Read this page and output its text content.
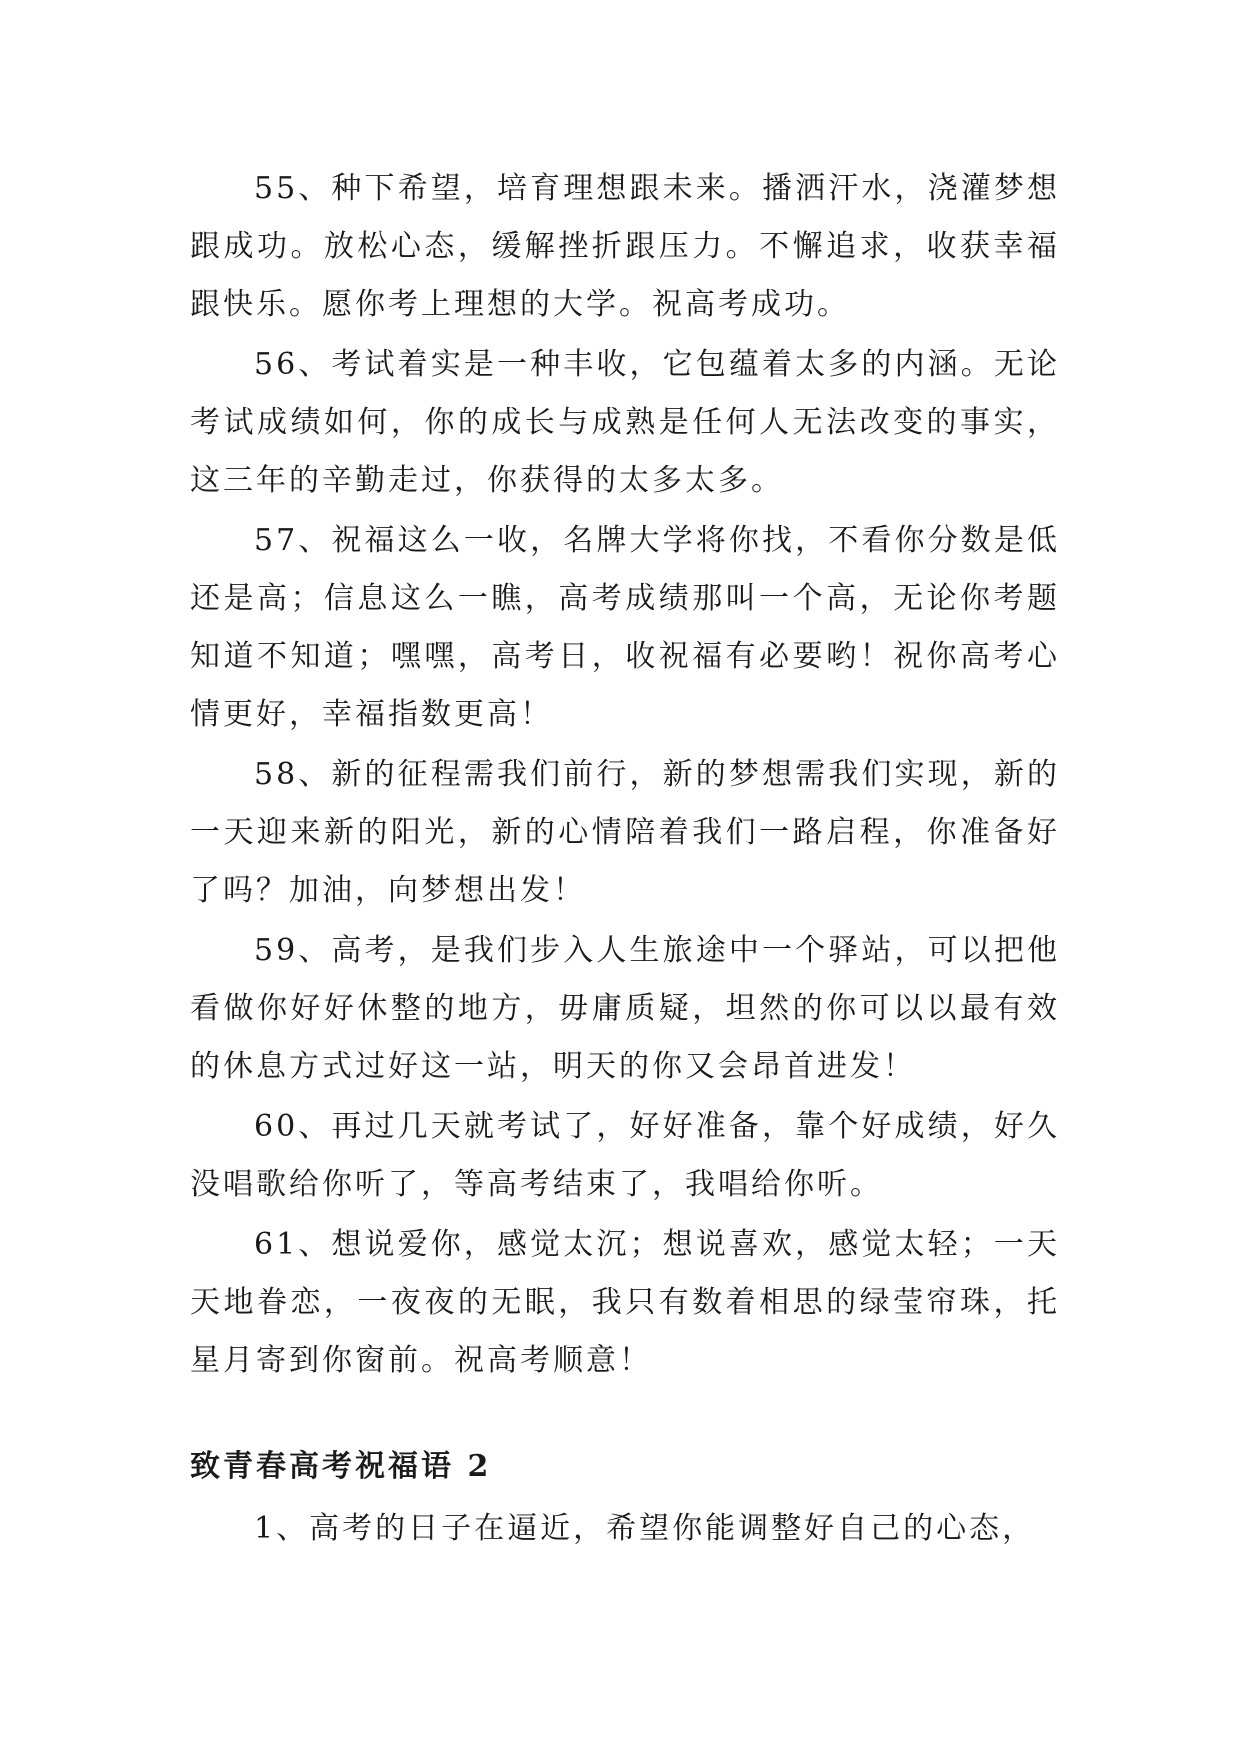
55、种下希望，培育理想跟未来。播洒汗水，浇灌梦想跟成功。放松心态，缓解挫折跟压力。不懈追求，收获幸福跟快乐。愿你考上理想的大学。祝高考成功。

56、考试着实是一种丰收，它包蕴着太多的内涵。无论考试成绩如何，你的成长与成熟是任何人无法改变的事实，这三年的辛勤走过，你获得的太多太多。

57、祝福这么一收，名牌大学将你找，不看你分数是低还是高；信息这么一瞧，高考成绩那叫一个高，无论你考题知道不知道；嘿嘿，高考日，收祝福有必要哟！祝你高考心情更好，幸福指数更高！

58、新的征程需我们前行，新的梦想需我们实现，新的一天迎来新的阳光，新的心情陪着我们一路启程，你准备好了吗？加油，向梦想出发！

59、高考，是我们步入人生旅途中一个驿站，可以把他看做你好好休整的地方，毋庸质疑，坦然的你可以以最有效的休息方式过好这一站，明天的你又会昂首进发！

60、再过几天就考试了，好好准备，靠个好成绩，好久没唱歌给你听了，等高考结束了，我唱给你听。

61、想说爱你，感觉太沉；想说喜欢，感觉太轻；一天天地眷恋，一夜夜的无眠，我只有数着相思的绿莹帘珠，托星月寄到你窗前。祝高考顺意！

致青春高考祝福语 2

1、高考的日子在逼近，希望你能调整好自己的心态，
